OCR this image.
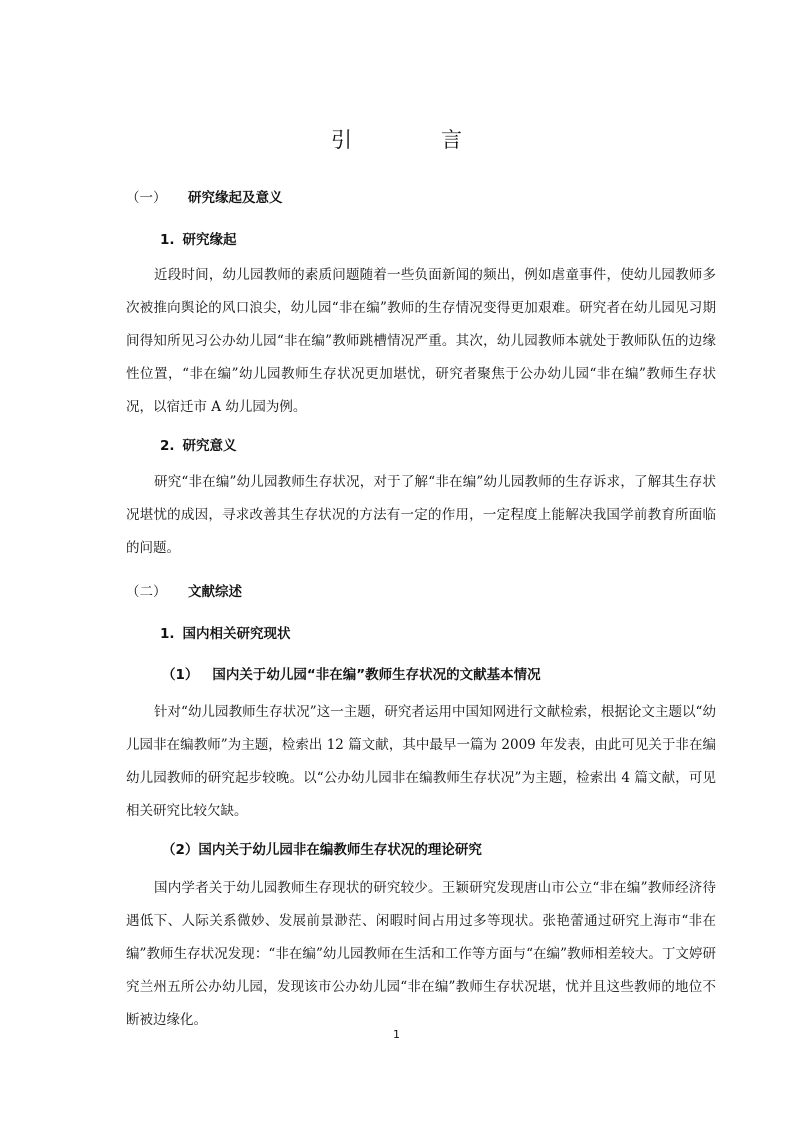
引　言
（一） 研究缘起及意义
1. 研究缘起
近段时间，幼儿园教师的素质问题随着一些负面新闻的频出，例如虐童事件，使幼儿园教师多次被推向舆论的风口浪尖，幼儿园“非在编”教师的生存情况变得更加艰难。研究者在幼儿园见习期间得知所见习公办幼儿园“非在编”教师跳槽情况严重。其次，幼儿园教师本就处于教师队伍的边缘性位置，“非在编”幼儿园教师生存状况更加堪忧，研究者聚焦于公办幼儿园“非在编”教师生存状况，以宿迁市 A 幼儿园为例。
2. 研究意义
研究“非在编”幼儿园教师生存状况，对于了解“非在编”幼儿园教师的生存诉求，了解其生存状况堪忧的成因，寻求改善其生存状况的方法有一定的作用，一定程度上能解决我国学前教育所面临的问题。
（二） 文献综述
1. 国内相关研究现状
（1） 国内关于幼儿园“非在编”教师生存状况的文献基本情况
针对“幼儿园教师生存状况”这一主题，研究者运用中国知网进行文献检索，根据论文主题以“幼儿园非在编教师”为主题，检索出 12 篇文献，其中最早一篇为 2009 年发表，由此可见关于非在编幼儿园教师的研究起步较晚。以“公办幼儿园非在编教师生存状况”为主题，检索出 4 篇文献，可见相关研究比较欠缺。
（2）国内关于幼儿园非在编教师生存状况的理论研究
国内学者关于幼儿园教师生存现状的研究较少。王颖研究发现唐山市公立“非在编”教师经济待遇低下、人际关系微妙、发展前景渺茫、闲暇时间占用过多等现状。张艳蕾通过研究上海市“非在编”教师生存状况发现：“非在编”幼儿园教师在生活和工作等方面与“在编”教师相差较大。丁文婷研究兰州五所公办幼儿园，发现该市公办幼儿园“非在编”教师生存状况堪，忧并且这些教师的地位不断被边缘化。
1
